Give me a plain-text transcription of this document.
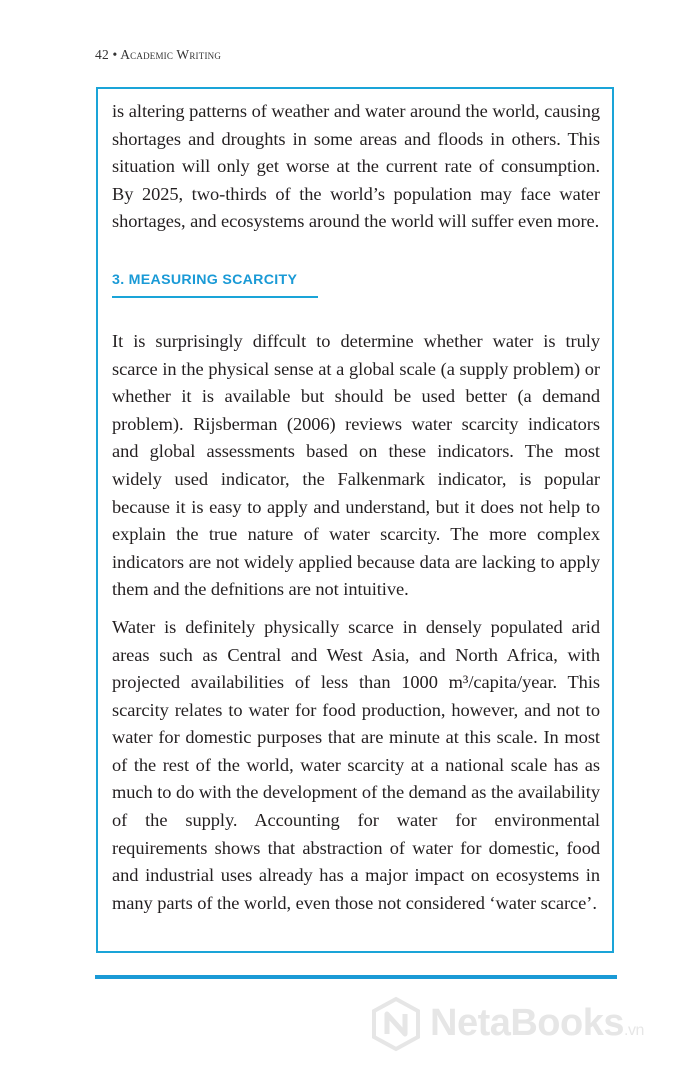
42 • Academic Writing

is altering patterns of weather and water around the world, causing shortages and droughts in some areas and floods in others. This situation will only get worse at the current rate of consumption. By 2025, two-thirds of the world’s population may face water shortages, and ecosystems around the world will suffer even more.

3. MEASURING SCARCITY

It is surprisingly diffcult to determine whether water is truly scarce in the physical sense at a global scale (a supply problem) or whether it is available but should be used better (a demand problem). Rijsberman (2006) reviews water scarcity indicators and global assessments based on these indicators. The most widely used indicator, the Falkenmark indicator, is popular because it is easy to apply and understand, but it does not help to explain the true nature of water scarcity. The more complex indicators are not widely applied because data are lacking to apply them and the defnitions are not intuitive.

Water is definitely physically scarce in densely populated arid areas such as Central and West Asia, and North Africa, with projected availabilities of less than 1000 m³/capita/year. This scarcity relates to water for food production, however, and not to water for domestic purposes that are minute at this scale. In most of the rest of the world, water scarcity at a national scale has as much to do with the development of the demand as the availability of the supply. Accounting for water for environmental requirements shows that abstraction of water for domestic, food and industrial uses already has a major impact on ecosystems in many parts of the world, even those not considered ‘water scarce’.

NetaBooks.vn
